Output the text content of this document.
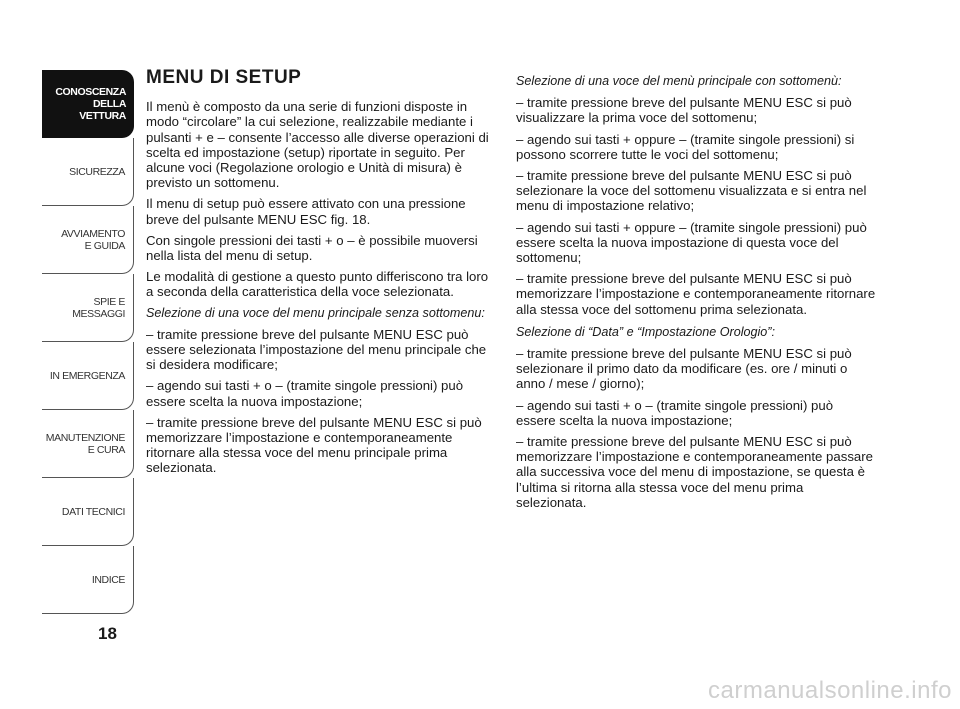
CONOSCENZA
DELLA
VETTURA
SICUREZZA
AVVIAMENTO
E GUIDA
SPIE E
MESSAGGI
IN EMERGENZA
MANUTENZIONE
E CURA
DATI TECNICI
INDICE
18
MENU DI SETUP

Il menù è composto da una serie di funzioni disposte in modo “circolare” la cui selezione, realizzabile mediante i pulsanti + e – consente l’accesso alle diverse operazioni di scelta ed impostazione (setup) riportate in seguito. Per alcune voci (Regolazione orologio e Unità di misura) è previsto un sottomenu.

Il menu di setup può essere attivato con una pressione breve del pulsante MENU ESC fig. 18.

Con singole pressioni dei tasti + o – è possibile muoversi nella lista del menu di setup.

Le modalità di gestione a questo punto differiscono tra loro a seconda della caratteristica della voce selezionata.

Selezione di una voce del menu principale senza sottomenu:

– tramite pressione breve del pulsante MENU ESC può essere selezionata l’impostazione del menu principale che si desidera modificare;

– agendo sui tasti + o – (tramite singole pressioni) può essere scelta la nuova impostazione;

– tramite pressione breve del pulsante MENU ESC si può memorizzare l’impostazione e contemporaneamente ritornare alla stessa voce del menu principale prima selezionata.

Selezione di una voce del menù principale con sottomenù:

– tramite pressione breve del pulsante MENU ESC si può visualizzare la prima voce del sottomenu;

– agendo sui tasti + oppure – (tramite singole pressioni) si possono scorrere tutte le voci del sottomenu;

– tramite pressione breve del pulsante MENU ESC si può selezionare la voce del sottomenu visualizzata e si entra nel menu di impostazione relativo;

– agendo sui tasti + oppure – (tramite singole pressioni) può essere scelta la nuova impostazione di questa voce del sottomenu;

– tramite pressione breve del pulsante MENU ESC si può memorizzare l’impostazione e contemporaneamente ritornare alla stessa voce del sottomenu prima selezionata.

Selezione di “Data” e “Impostazione Orologio”:

– tramite pressione breve del pulsante MENU ESC si può selezionare il primo dato da modificare (es. ore / minuti o anno / mese / giorno);

– agendo sui tasti + o – (tramite singole pressioni) può essere scelta la nuova impostazione;

– tramite pressione breve del pulsante MENU ESC si può memorizzare l’impostazione e contemporaneamente passare alla successiva voce del menu di impostazione, se questa è l’ultima si ritorna alla stessa voce del menu prima selezionata.

carmanualsonline.info
